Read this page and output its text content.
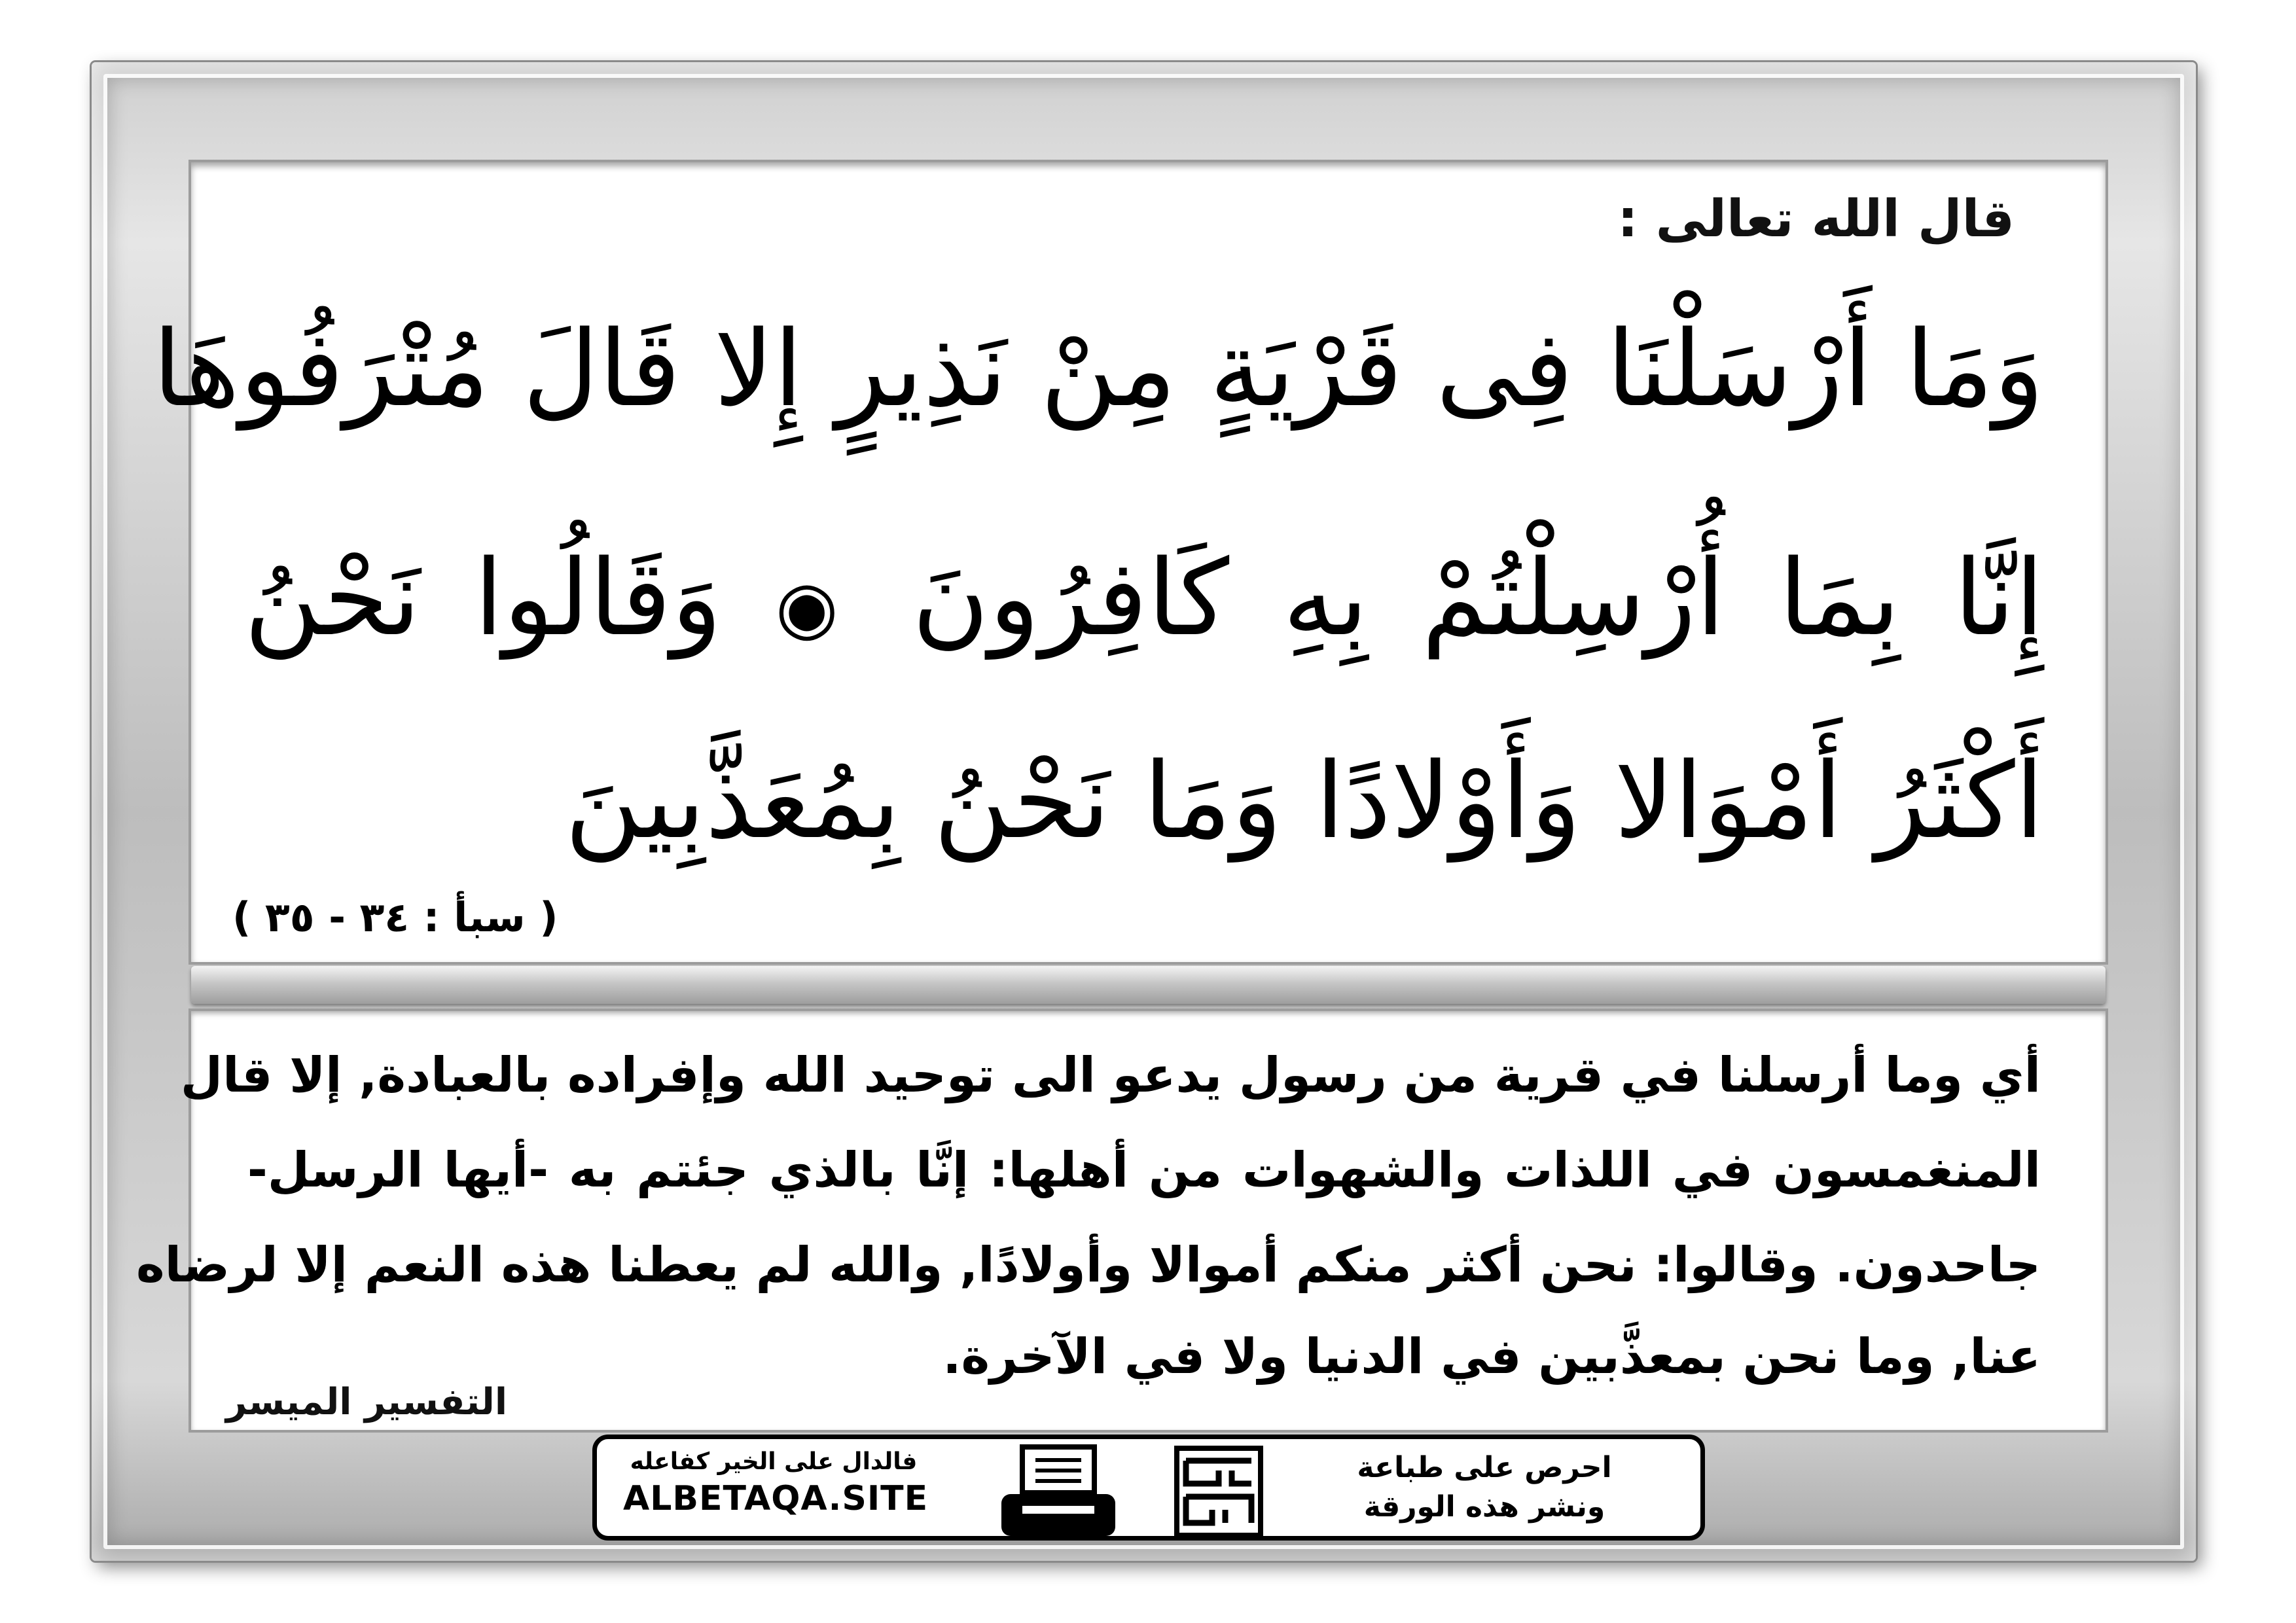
قال الله تعالى :
وَمَا أَرْسَلْنَا فِى قَرْيَةٍ مِنْ نَذِيرٍ إِلا قَالَ مُتْرَفُوهَا
إِنَّا بِمَا أُرْسِلْتُمْ بِهِ كَافِرُونَ ◉ وَقَالُوا نَحْنُ
أَكْثَرُ أَمْوَالا وَأَوْلادًا وَمَا نَحْنُ بِمُعَذَّبِينَ
( سبأ : ٣٤ - ٣٥ )
أي وما أرسلنا في قرية من رسول يدعو الى توحيد الله وإفراده بالعبادة, إلا قال
المنغمسون في اللذات والشهوات من أهلها: إنَّا بالذي جئتم به -أيها الرسل-
جاحدون. وقالوا: نحن أكثر منكم أموالا وأولادًا, والله لم يعطنا هذه النعم إلا لرضاه
عنا, وما نحن بمعذَّبين في الدنيا ولا في الآخرة.
التفسير الميسر
فالدال على الخير كفاعله
ALBETAQA.SITE
احرص على طباعة
ونشر هذه الورقة
